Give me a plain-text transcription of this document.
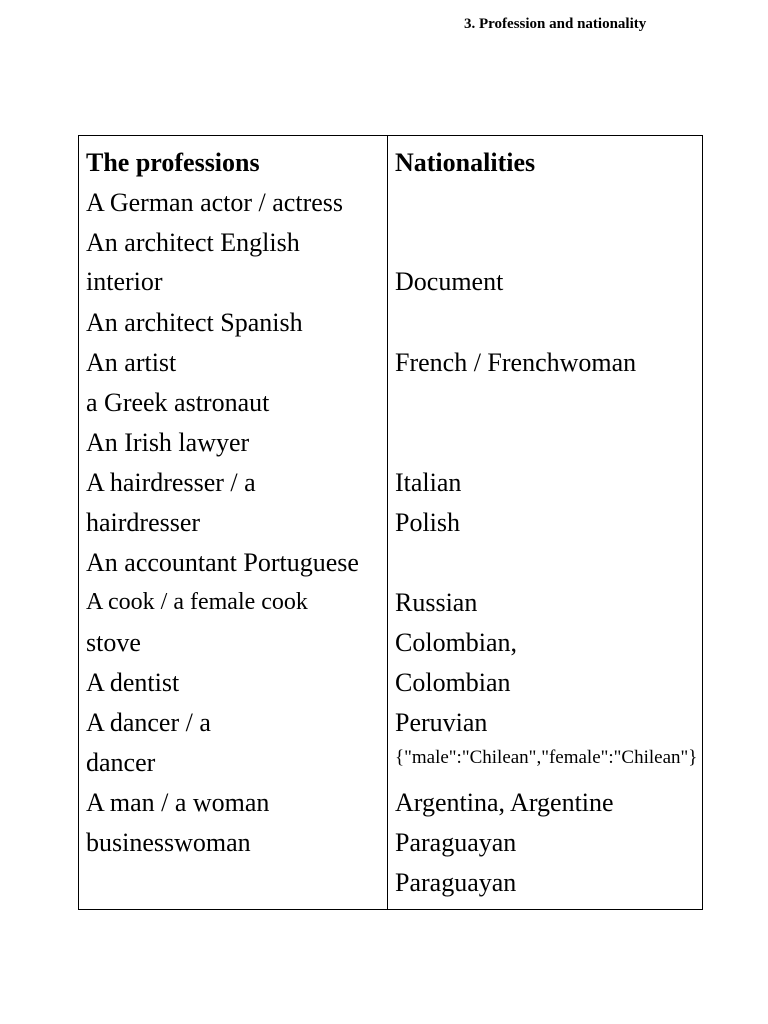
3. Profession and nationality
The professions
A German actor / actress
An architect English
interior
An architect Spanish
An artist
a Greek astronaut
An Irish lawyer
A hairdresser / a
hairdresser
An accountant Portuguese
A cook / a female cook
stove
A dentist
A dancer / a
dancer
A man / a woman
businesswoman
Nationalities
Document
French / Frenchwoman
Italian
Polish
Russian
Colombian,
Colombian
Peruvian
{"male":"Chilean","female":"Chilean"}
Argentina, Argentine
Paraguayan
Paraguayan
